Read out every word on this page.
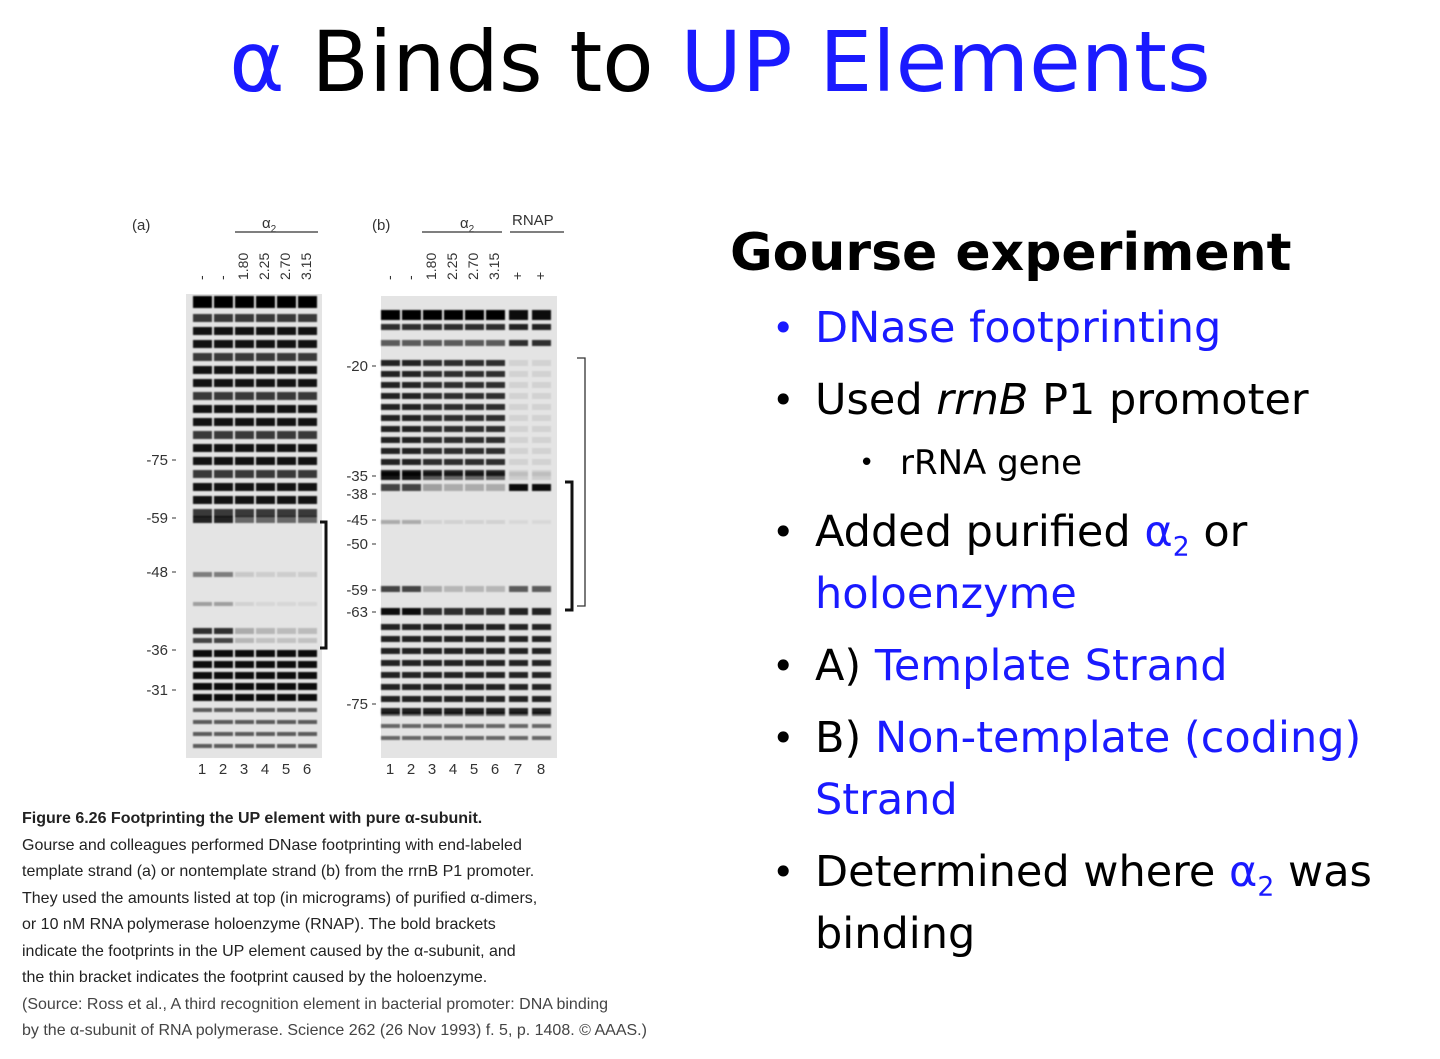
α Binds to UP Elements
(a)	(b)
$\alpha_2$	$\alpha_2$
RNAP
- - 1.80 2.25 2.70 3.15	- - 1.80 2.25 2.70 3.15 + +
-75
-59
-48
-36
-31
-20
-35
-38
-45
-50
-59
-63
-75
1 2 3 4 5 6	1 2 3 4 5 6 7 8
Figure 6.26 Footprinting the UP element with pure α-subunit.
Gourse and colleagues performed DNase footprinting with end-labeled
template strand (a) or nontemplate strand (b) from the rrnB P1 promoter.
They used the amounts listed at top (in micrograms) of purified α-dimers,
or 10 nM RNA polymerase holoenzyme (RNAP). The bold brackets
indicate the footprints in the UP element caused by the α-subunit, and
the thin bracket indicates the footprint caused by the holoenzyme.
(Source: Ross et al., A third recognition element in bacterial promoter: DNA binding
by the α-subunit of RNA polymerase. Science 262 (26 Nov 1993) f. 5, p. 1408. © AAAS.)
Gourse experiment
• DNase footprinting
• Used rrnB P1 promoter
• rRNA gene
• Added purified $\alpha_2$ or holoenzyme
• A) Template Strand
• B) Non-template (coding) Strand
• Determined where $\alpha_2$ was binding
